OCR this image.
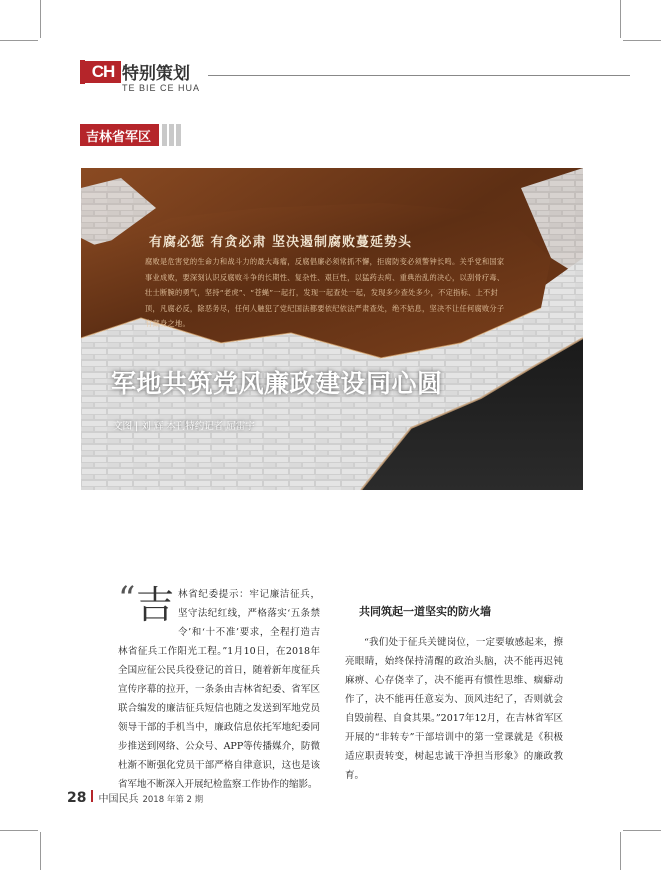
CH 特别策划
TE BIE CE HUA
吉林省军区
有腐必惩 有贪必肃 坚决遏制腐败蔓延势头
腐败是危害党的生命力和战斗力的最大毒瘤，反腐倡廉必须常抓不懈，拒腐防变必须警钟长鸣。关乎党和国家事业成败，要深刻认识反腐败斗争的长期性、复杂性、艰巨性，以猛药去疴、重典治乱的决心，以刮骨疗毒、壮士断腕的勇气，坚持“老虎”、“苍蝇”一起打，发现一起查处一起，发现多少查处多少，不定指标、上不封顶，凡腐必反，除恶务尽，任何人触犯了党纪国法都要依纪依法严肃查处，绝不姑息，坚决不让任何腐败分子有藏身之地。
军地共筑党风廉政建设同心圆
文图 | 刘 辉 本刊特约记者 屈雷宇
“ 吉 林省纪委提示：牢记廉洁征兵，坚守法纪红线，严格落实‘五条禁令’和‘十不准’要求，全程打造吉林省征兵工作阳光工程。”1月10日，在2018年全国应征公民兵役登记的首日，随着新年度征兵宣传序幕的拉开，一条条由吉林省纪委、省军区联合编发的廉洁征兵短信也随之发送到军地党员领导干部的手机当中，廉政信息依托军地纪委同步推送到网络、公众号、APP等传播媒介，防微杜渐不断强化党员干部严格自律意识，这也是该省军地不断深入开展纪检监察工作协作的缩影。
共同筑起一道坚实的防火墙

“我们处于征兵关键岗位，一定要敏感起来，擦亮眼睛，始终保持清醒的政治头脑，决不能再迟钝麻痹、心存侥幸了，决不能再有惯性思维、痼癖动作了，决不能再任意妄为、顶风违纪了，否则就会自毁前程、自食其果。”2017年12月，在吉林省军区开展的“非转专”干部培训中的第一堂课就是《积极适应职责转变，树起忠诚干净担当形象》的廉政教育。

28 中国民兵 2018 年第 2 期
